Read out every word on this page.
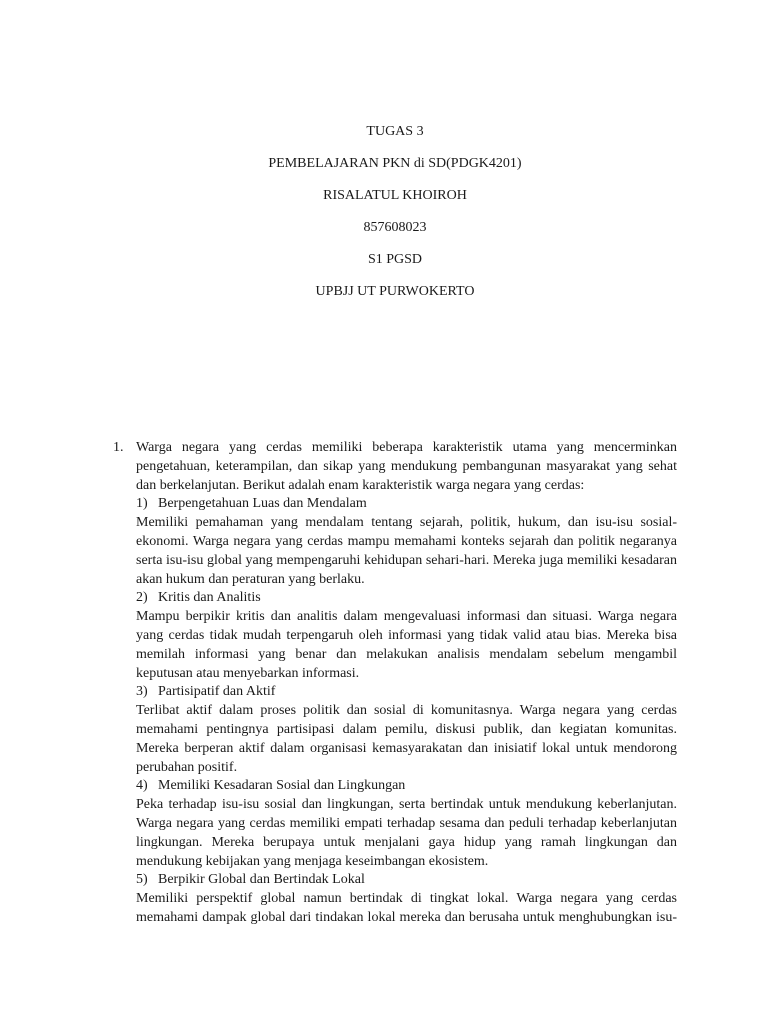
TUGAS 3
PEMBELAJARAN PKN di SD(PDGK4201)
RISALATUL KHOIROH
857608023
S1 PGSD
UPBJJ UT PURWOKERTO
1. Warga negara yang cerdas memiliki beberapa karakteristik utama yang mencerminkan pengetahuan, keterampilan, dan sikap yang mendukung pembangunan masyarakat yang sehat dan berkelanjutan. Berikut adalah enam karakteristik warga negara yang cerdas:
1) Berpengetahuan Luas dan Mendalam
Memiliki pemahaman yang mendalam tentang sejarah, politik, hukum, dan isu-isu sosial-ekonomi. Warga negara yang cerdas mampu memahami konteks sejarah dan politik negaranya serta isu-isu global yang mempengaruhi kehidupan sehari-hari. Mereka juga memiliki kesadaran akan hukum dan peraturan yang berlaku.
2) Kritis dan Analitis
Mampu berpikir kritis dan analitis dalam mengevaluasi informasi dan situasi. Warga negara yang cerdas tidak mudah terpengaruh oleh informasi yang tidak valid atau bias. Mereka bisa memilah informasi yang benar dan melakukan analisis mendalam sebelum mengambil keputusan atau menyebarkan informasi.
3) Partisipatif dan Aktif
Terlibat aktif dalam proses politik dan sosial di komunitasnya. Warga negara yang cerdas memahami pentingnya partisipasi dalam pemilu, diskusi publik, dan kegiatan komunitas. Mereka berperan aktif dalam organisasi kemasyarakatan dan inisiatif lokal untuk mendorong perubahan positif.
4) Memiliki Kesadaran Sosial dan Lingkungan
Peka terhadap isu-isu sosial dan lingkungan, serta bertindak untuk mendukung keberlanjutan. Warga negara yang cerdas memiliki empati terhadap sesama dan peduli terhadap keberlanjutan lingkungan. Mereka berupaya untuk menjalani gaya hidup yang ramah lingkungan dan mendukung kebijakan yang menjaga keseimbangan ekosistem.
5) Berpikir Global dan Bertindak Lokal
Memiliki perspektif global namun bertindak di tingkat lokal. Warga negara yang cerdas memahami dampak global dari tindakan lokal mereka dan berusaha untuk menghubungkan isu-
